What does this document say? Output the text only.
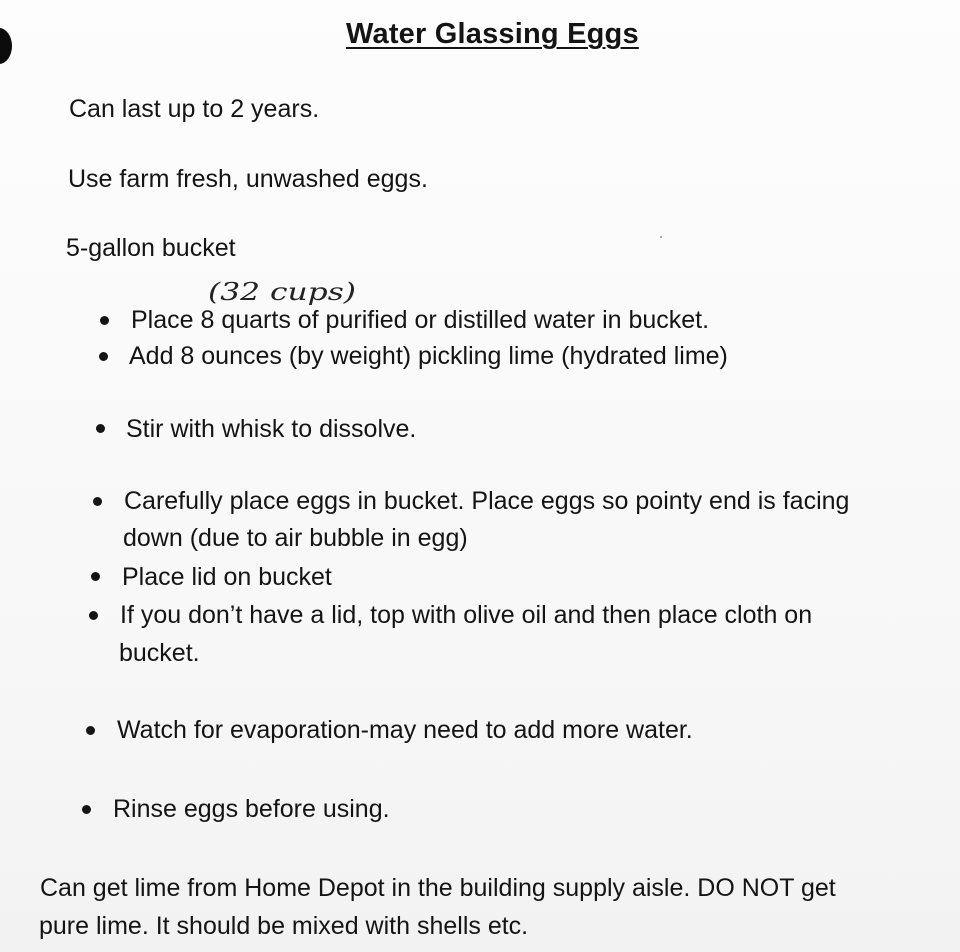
Water Glassing Eggs
Can last up to 2 years.
Use farm fresh, unwashed eggs.
5-gallon bucket
(32 cups)
Place 8 quarts of purified or distilled water in bucket.
Add 8 ounces (by weight) pickling lime (hydrated lime)
Stir with whisk to dissolve.
Carefully place eggs in bucket. Place eggs so pointy end is facing
down (due to air bubble in egg)
Place lid on bucket
If you don’t have a lid, top with olive oil and then place cloth on
bucket.
Watch for evaporation-may need to add more water.
Rinse eggs before using.
Can get lime from Home Depot in the building supply aisle. DO NOT get
pure lime. It should be mixed with shells etc.
